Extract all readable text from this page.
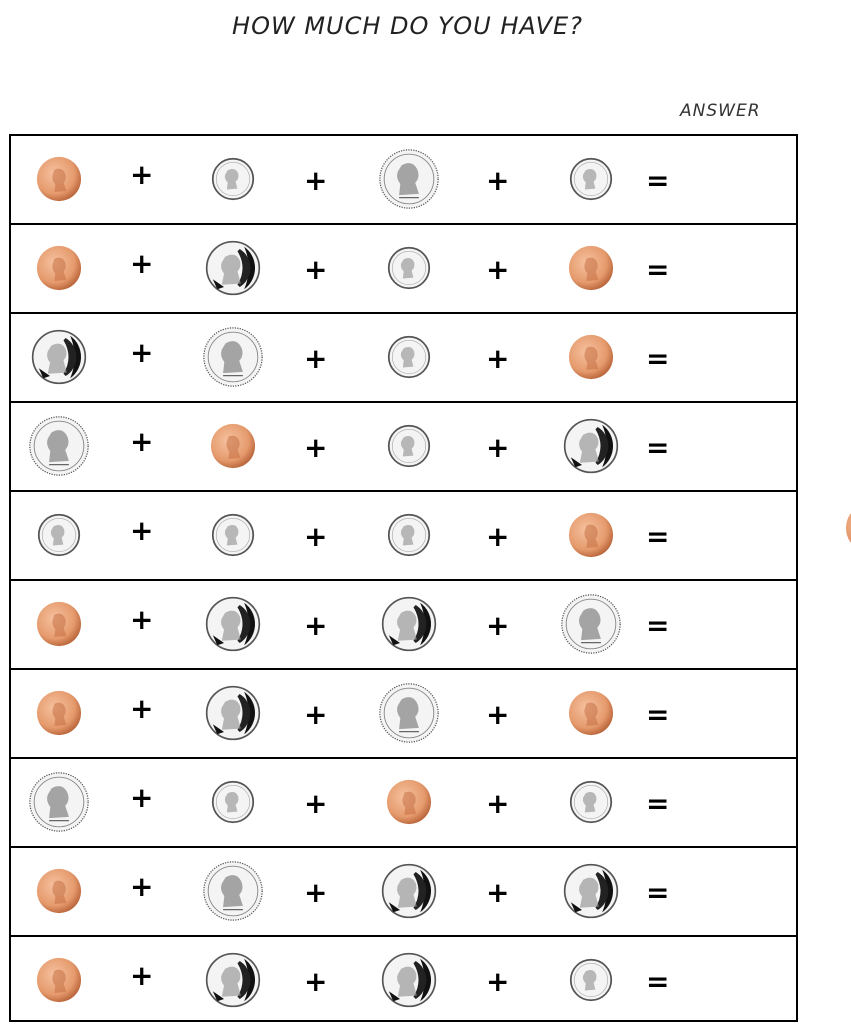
HOW MUCH DO YOU HAVE?
ANSWER
+	+	+	=
+	+	+	=
+	+	+	=
+	+	+	=
+	+	+	=
+	+	+	=
+	+	+	=
+	+	+	=
+	+	+	=
+	+	+	=
